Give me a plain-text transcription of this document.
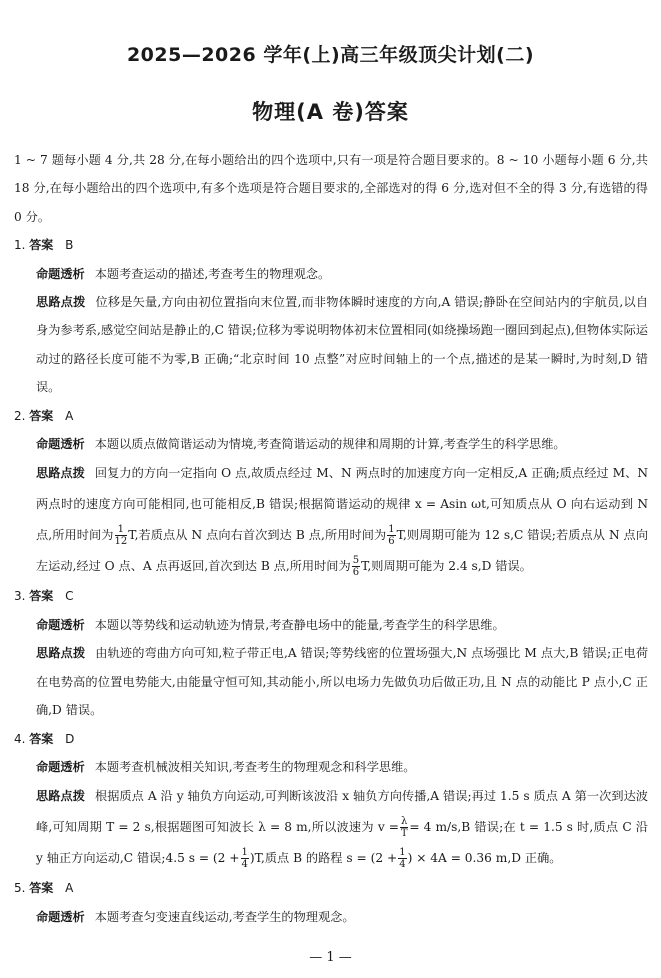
2025—2026 学年(上)高三年级顶尖计划(二)
物理(A 卷)答案

1 ~ 7 题每小题 4 分,共 28 分,在每小题给出的四个选项中,只有一项是符合题目要求的。8 ~ 10 小题每小题 6 分,共 18 分,在每小题给出的四个选项中,有多个选项是符合题目要求的,全部选对的得 6 分,选对但不全的得 3 分,有选错的得 0 分。

1. 答案 B

命题透析 本题考查运动的描述,考查考生的物理观念。

思路点拨 位移是矢量,方向由初位置指向末位置,而非物体瞬时速度的方向,A 错误;静卧在空间站内的宇航员,以自身为参考系,感觉空间站是静止的,C 错误;位移为零说明物体初末位置相同(如绕操场跑一圈回到起点),但物体实际运动过的路径长度可能不为零,B 正确;“北京时间 10 点整”对应时间轴上的一个点,描述的是某一瞬时,为时刻,D 错误。

2. 答案 A

命题透析 本题以质点做简谐运动为情境,考查简谐运动的规律和周期的计算,考查学生的科学思维。

思路点拨 回复力的方向一定指向 O 点,故质点经过 M、N 两点时的加速度方向一定相反,A 正确;质点经过 M、N 两点时的速度方向可能相同,也可能相反,B 错误;根据简谐运动的规律 x = Asin ωt,可知质点从 O 向右运动到 N 点,所用时间为 $\frac{1}{12} T$,若质点从 N 点向右首次到达 B 点,所用时间为 $\frac{1}{6} T$,则周期可能为 12 s,C 错误;若质点从 N 点向左运动,经过 O 点、A 点再返回,首次到达 B 点,所用时间为 $\frac{5}{6} T$,则周期可能为 2.4 s,D 错误。

3. 答案 C

命题透析 本题以等势线和运动轨迹为情景,考查静电场中的能量,考查学生的科学思维。

思路点拨 由轨迹的弯曲方向可知,粒子带正电,A 错误;等势线密的位置场强大,N 点场强比 M 点大,B 错误;正电荷在电势高的位置电势能大,由能量守恒可知,其动能小,所以电场力先做负功后做正功,且 N 点的动能比 P 点小,C 正确,D 错误。

4. 答案 D

命题透析 本题考查机械波相关知识,考查考生的物理观念和科学思维。

思路点拨 根据质点 A 沿 y 轴负方向运动,可判断该波沿 x 轴负方向传播,A 错误;再过 1.5 s 质点 A 第一次到达波峰,可知周期 T = 2 s,根据题图可知波长 λ = 8 m,所以波速为 $v = \frac{\lambda}{T} = 4$ m/s,B 错误;在 t = 1.5 s 时,质点 C 沿 y 轴正方向运动,C 错误;4.5 $s = (2 + \frac{1}{4} )T$,质点 B 的路程 $s = (2 + \frac{1}{4}$ ) × 4A = 0.36 m,D 正确。

5. 答案 A

命题透析 本题考查匀变速直线运动,考查学生的物理观念。

— 1 —
